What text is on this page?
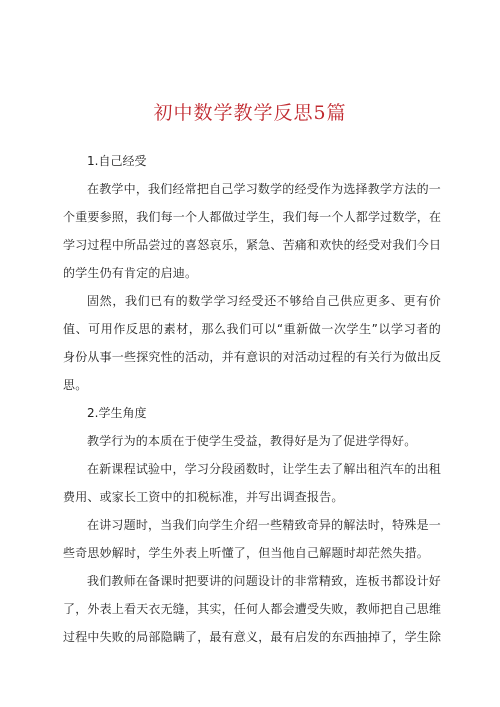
初中数学教学反思5篇
1.自己经受
在教学中，我们经常把自己学习数学的经受作为选择教学方法的一
个重要参照，我们每一个人都做过学生，我们每一个人都学过数学，在
学习过程中所品尝过的喜怒哀乐，紧急、苦痛和欢快的经受对我们今日
的学生仍有肯定的启迪。
固然，我们已有的数学学习经受还不够给自己供应更多、更有价
值、可用作反思的素材，那么我们可以“重新做一次学生”以学习者的
身份从事一些探究性的活动，并有意识的对活动过程的有关行为做出反
思。
2.学生角度
教学行为的本质在于使学生受益，教得好是为了促进学得好。
在新课程试验中，学习分段函数时，让学生去了解出租汽车的出租
费用、或家长工资中的扣税标准，并写出调查报告。
在讲习题时，当我们向学生介绍一些精致奇异的解法时，特殊是一
些奇思妙解时，学生外表上听懂了，但当他自己解题时却茫然失措。
我们教师在备课时把要讲的问题设计的非常精致，连板书都设计好
了，外表上看天衣无缝，其实，任何人都会遭受失败，教师把自己思维
过程中失败的局部隐瞒了，最有意义，最有启发的东西抽掉了，学生除
